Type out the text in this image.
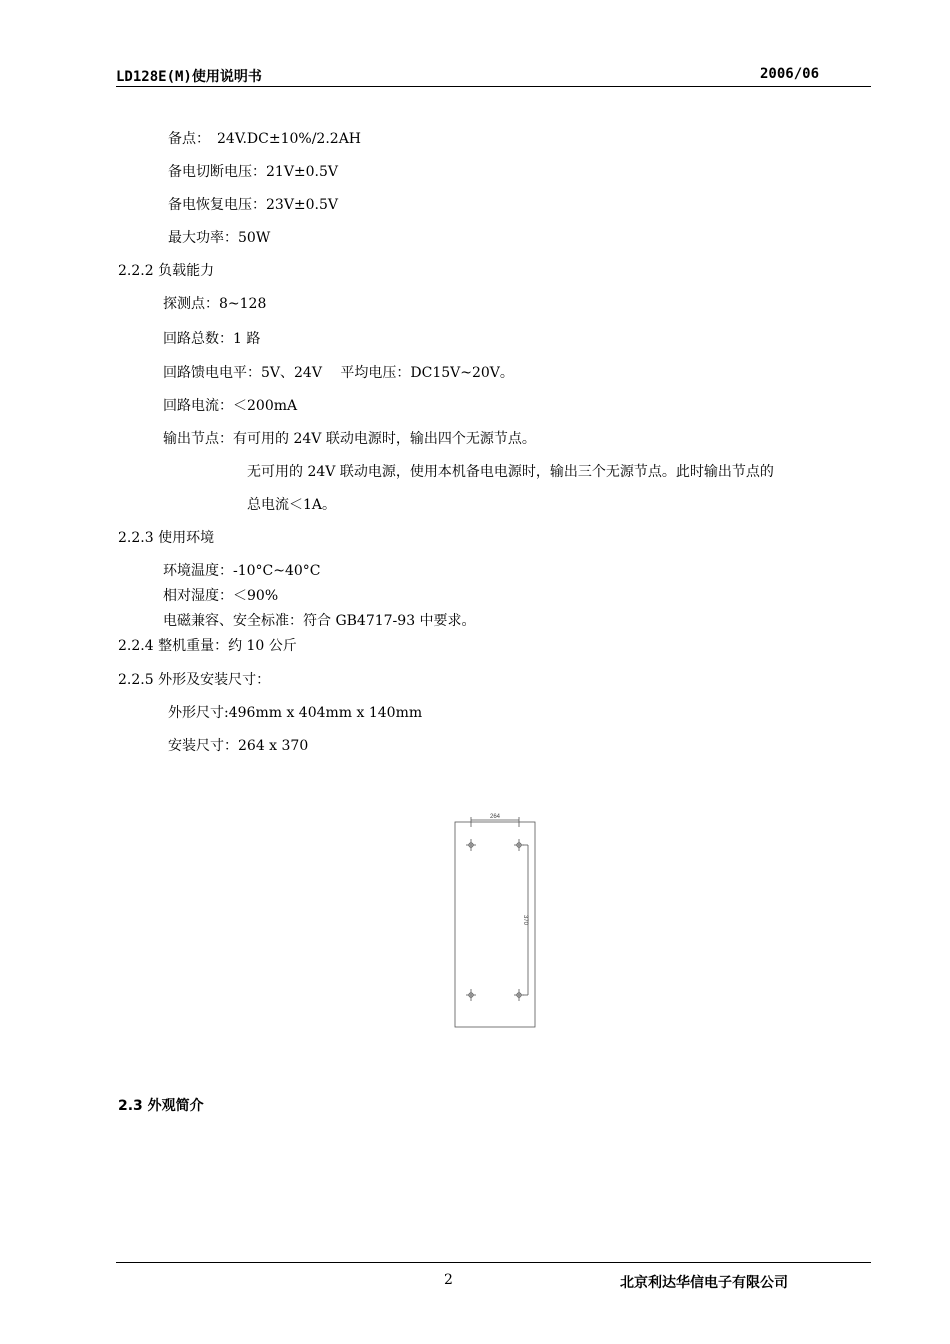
LD128E(M)使用说明书	2006/06
备点：　24V.DC±10%/2.2AH
备电切断电压：21V±0.5V
备电恢复电压：23V±0.5V
最大功率：50W
2.2.2 负载能力
探测点：8~128
回路总数：1 路
回路馈电电平：5V、24V　 平均电压：DC15V~20V。
回路电流：＜200mA
输出节点：有可用的 24V 联动电源时，输出四个无源节点。
无可用的 24V 联动电源，使用本机备电电源时，输出三个无源节点。此时输出节点的
总电流＜1A。
2.2.3 使用环境
环境温度：-10°C~40°C
相对湿度：＜90%
电磁兼容、安全标准：符合 GB4717-93 中要求。
2.2.4 整机重量：约 10 公斤
2.2.5 外形及安装尺寸：
外形尺寸:496mm x 404mm x 140mm
安装尺寸：264 x 370
264
370
2.3 外观简介
2	北京利达华信电子有限公司
